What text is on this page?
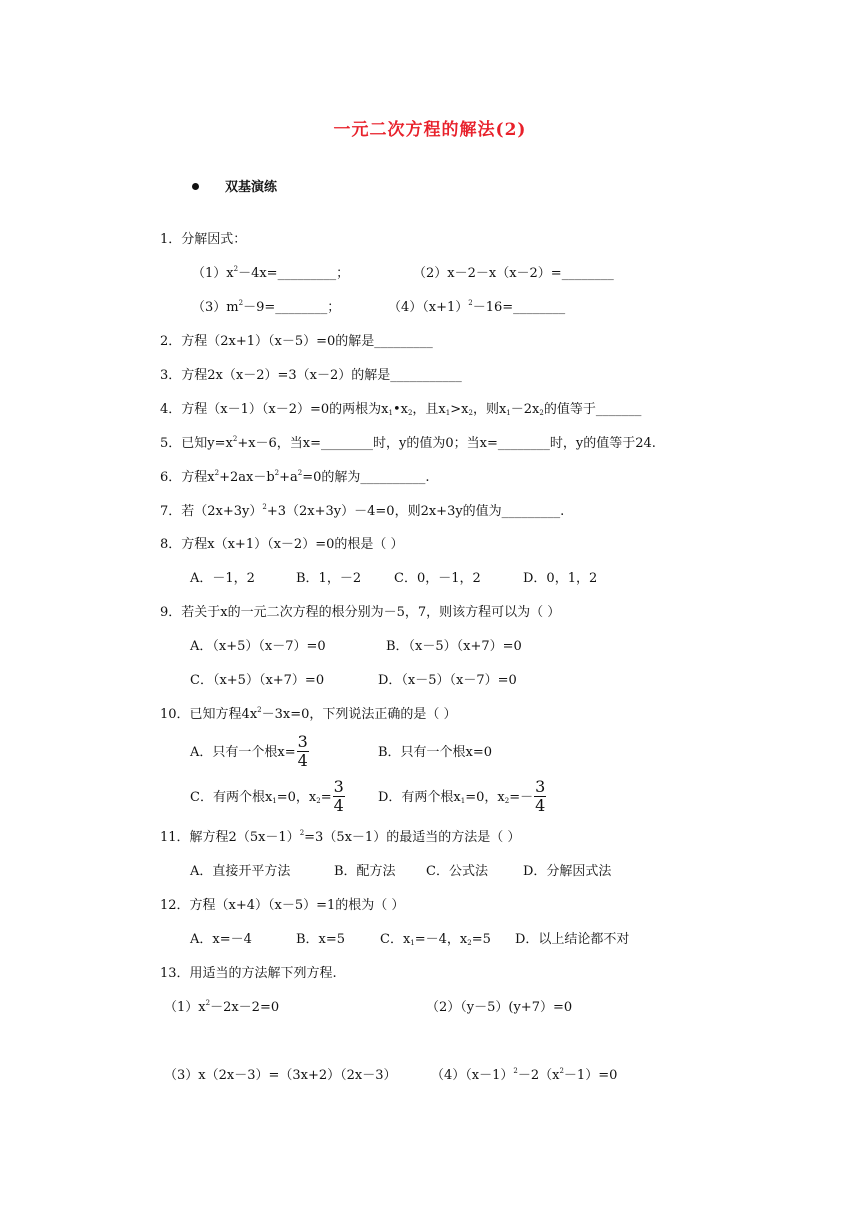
一元二次方程的解法(2)
双基演练
1．分解因式：
$(1)x^2-4x=\_\_\_\_\_\_\_\_\_$；	（2）x－2－x（x－2）=________
$(3)m^2-9=\_\_\_\_\_\_\_\_$；	$(4)(x+1)^2-16=\_\_\_\_\_\_\_\_$
2．方程（2x+1）（x－5）=0的解是_________
3．方程2x（x－2）=3（x－2）的解是___________
4．方程（x－1）（x－2）=0的两根为$x_1•x_2$，且$x_1>x_2$，则$x_1-2x_2$的值等于_______
5．已知$y=x^2+x-6$，当x=________时，y的值为0；当x=________时，y的值等于24.
6．方程$x^2+2ax-b^2+a^2=0$的解为__________.
7．若$(2x+3y)^2+3(2x+3y)-4=0$，则2x+3y的值为_________.
8．方程x（x+1）（x－2）=0的根是（ ）
A．－1，2	B．1，－2	C．0，－1，2	D．0，1，2
9．若关于x的一元二次方程的根分别为－5，7，则该方程可以为（ ）
A．（x+5）（x－7）=0	B．（x－5）（x+7）=0
C．（x+5）（x+7）=0	D．（x－5）（x－7）=0
10．已知方程$4x^2-3x=0$，下列说法正确的是（ ）
A．只有一个根$x= \frac{3}{4}$	B．只有一个根x=0
C．有两个根$x_1=0$，$x_2= \frac{3}{4}$	D．有两个根$x_1=0$，$x_2=- \frac{3}{4}$
11．解方程$2(5x-1)^2=3(5x-1)$的最适当的方法是（ ）
A．直接开平方法	B．配方法 C．公式法	D．分解因式法
12．方程（x+4）（x－5）=1的根为（ ）
A．x=－4	B．x=5	C．$x_1=-4$，$x_2=5$ D．以上结论都不对
13．用适当的方法解下列方程.
$(1)x^2-2x-2=0$	（2）（y－5）(y+7）=0
（3）x（2x－3）=（3x+2）（2x－3）	$(4)(x-1)^2-2(x^2-1)=0$
